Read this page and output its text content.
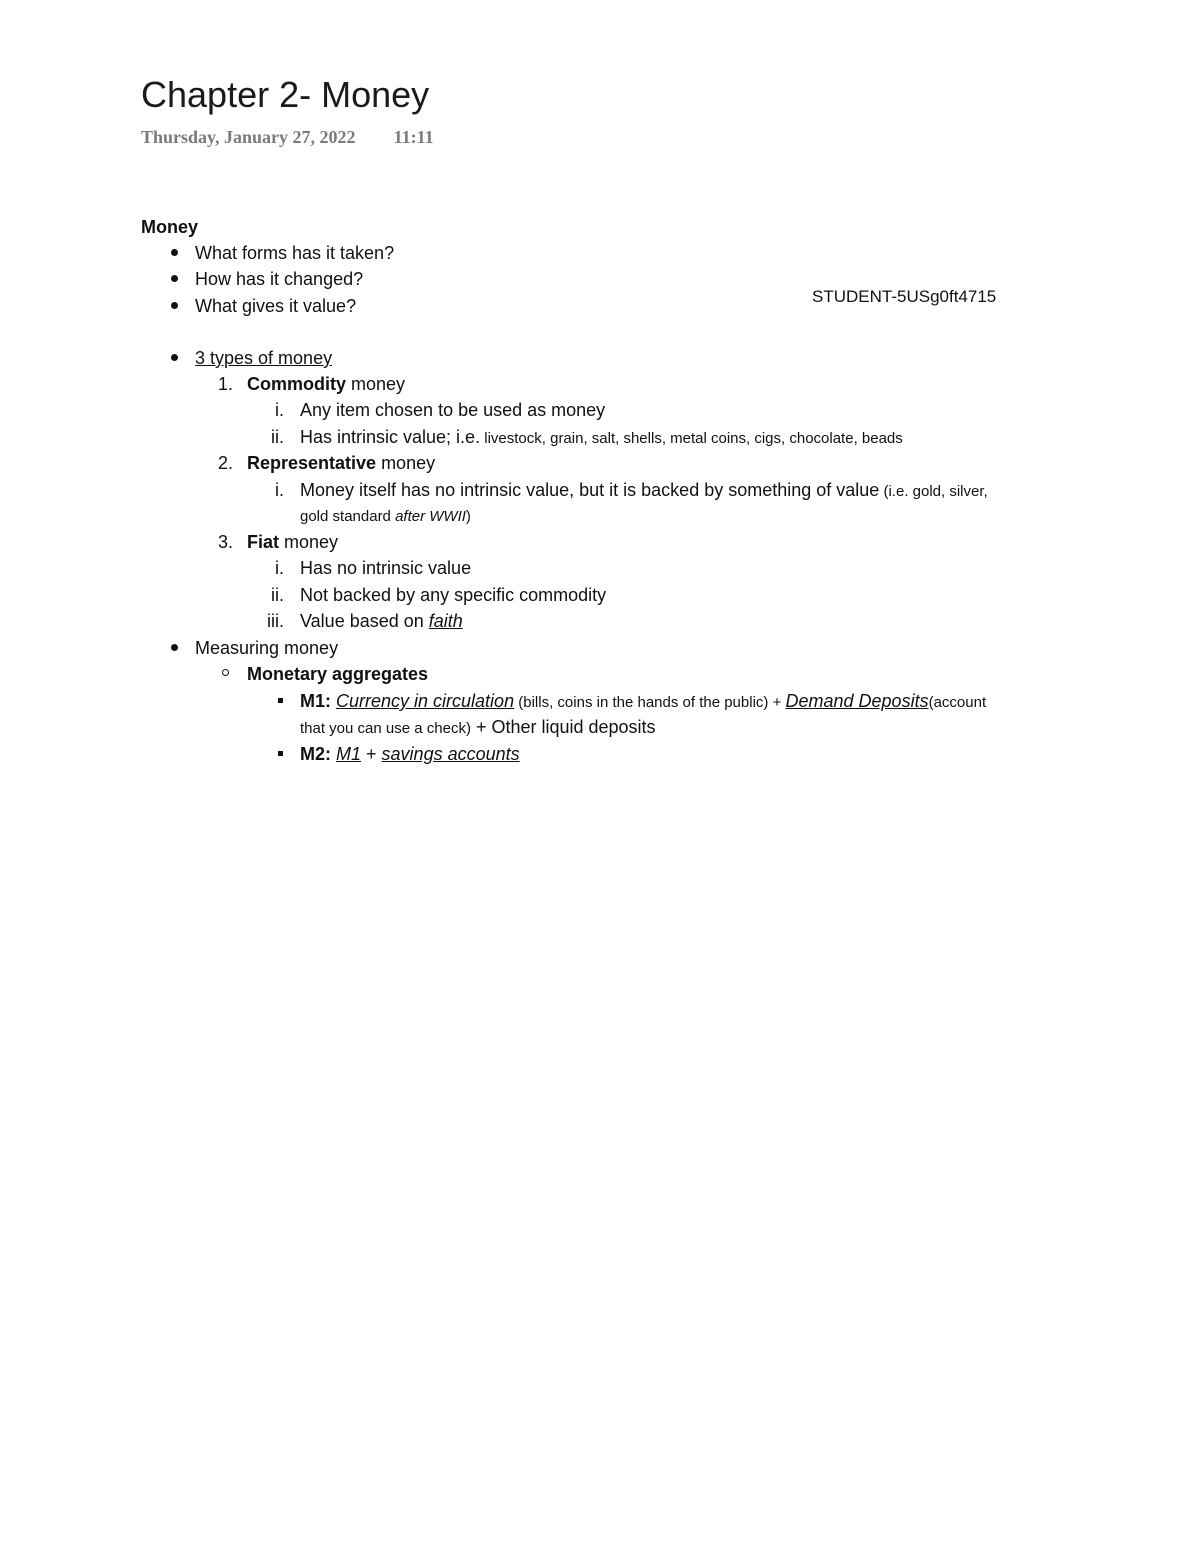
Chapter 2- Money
Thursday, January 27, 2022 11:11
STUDENT-5USg0ft4715
Money
What forms has it taken?
How has it changed?
What gives it value?
3 types of money
1. Commodity money
i. Any item chosen to be used as money
ii. Has intrinsic value; i.e. livestock, grain, salt, shells, metal coins, cigs, chocolate, beads
2. Representative money
i. Money itself has no intrinsic value, but it is backed by something of value (i.e. gold, silver,
gold standard after WWII)
3. Fiat money
i. Has no intrinsic value
ii. Not backed by any specific commodity
iii. Value based on faith
Measuring money
Monetary aggregates
M1: Currency in circulation (bills, coins in the hands of the public) + Demand Deposits(account
that you can use a check) + Other liquid deposits
M2: M1 + savings accounts
